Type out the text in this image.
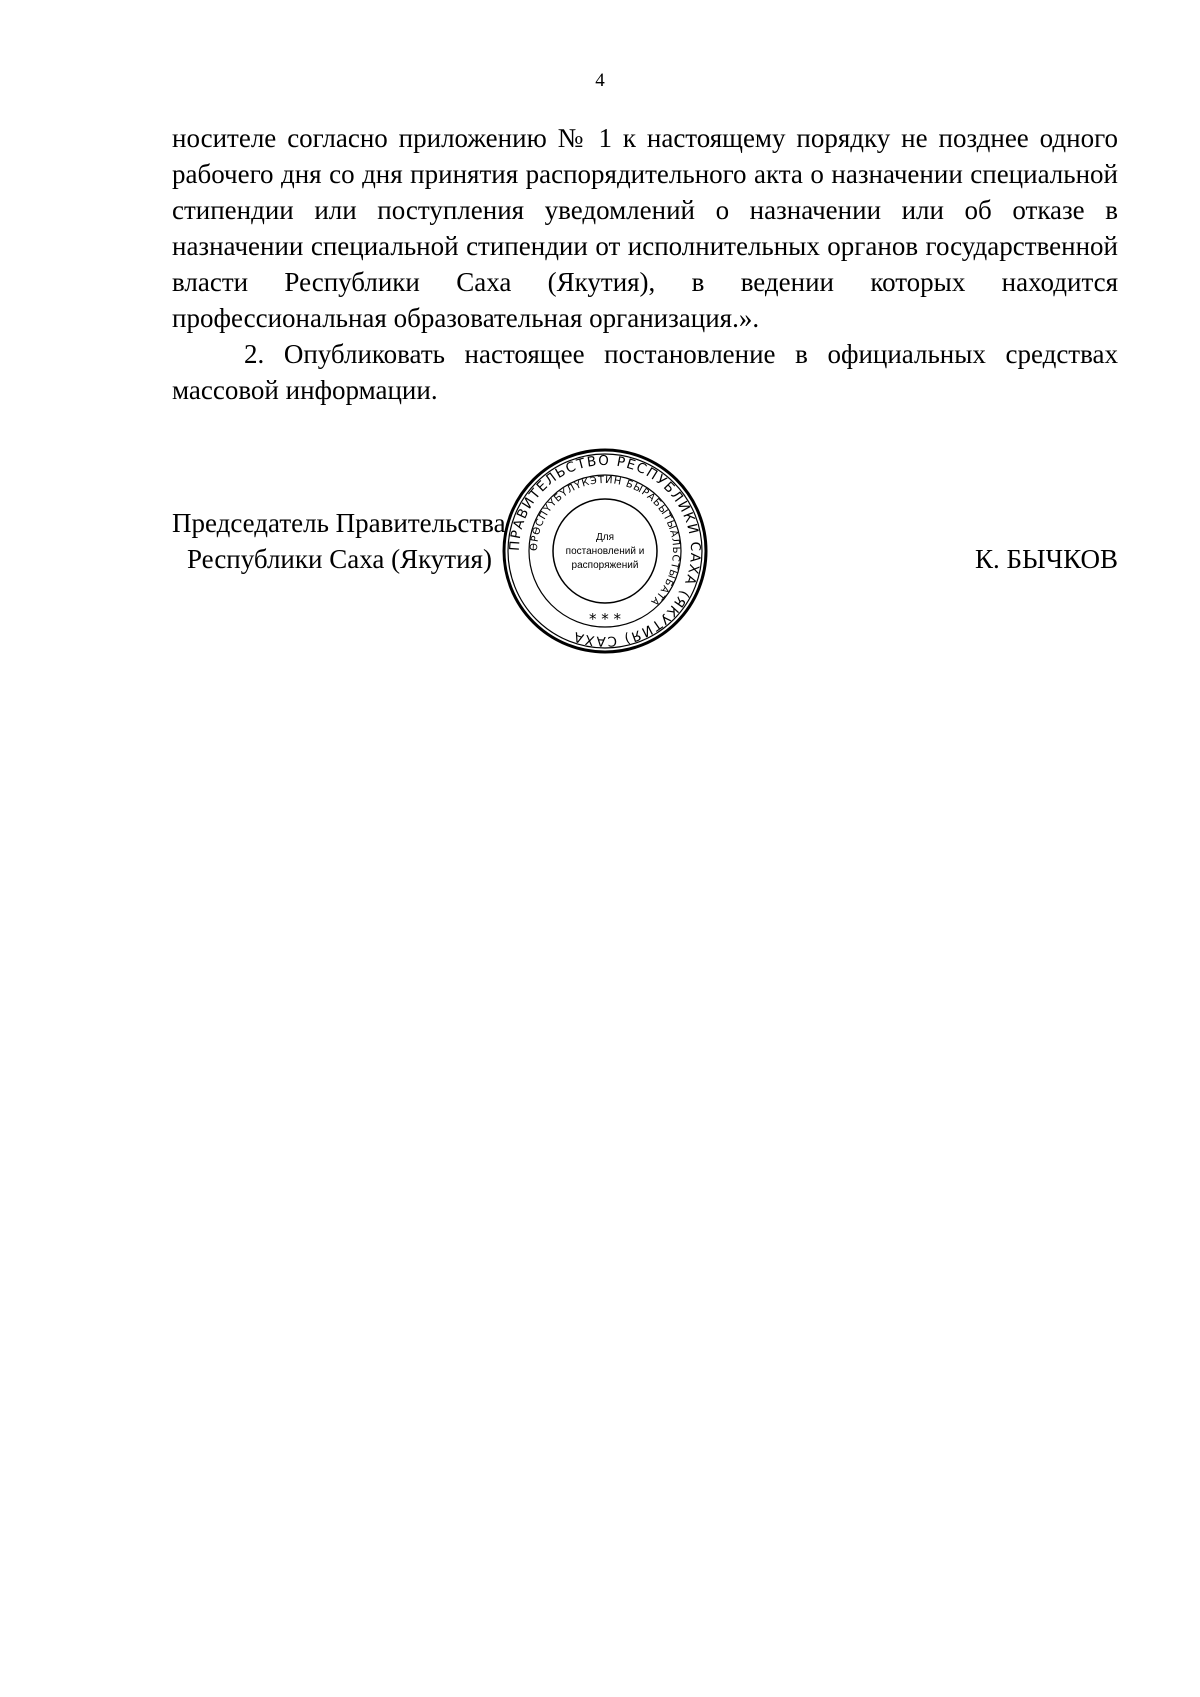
4

носителе согласно приложению № 1 к настоящему порядку не позднее одного рабочего дня со дня принятия распорядительного акта о назначении специальной стипендии или поступления уведомлений о назначении или об отказе в назначении специальной стипендии от исполнительных органов государственной власти Республики Саха (Якутия), в ведении которых находится профессиональная образовательная организация.».

2. Опубликовать настоящее постановление в официальных средствах массовой информации.

Председатель Правительства
Республики Саха (Якутия)	К. БЫЧКОВ
ПРАВИТЕЛЬСТВО РЕСПУБЛИКИ САХА (ЯКУТИЯ) САХА
ӨРӨСПҮҮБҮЛҮКЭТИН БЫРАБЫТЫАЛЬСТЫБАТА
Для
постановлений и
распоряжений
* * *
